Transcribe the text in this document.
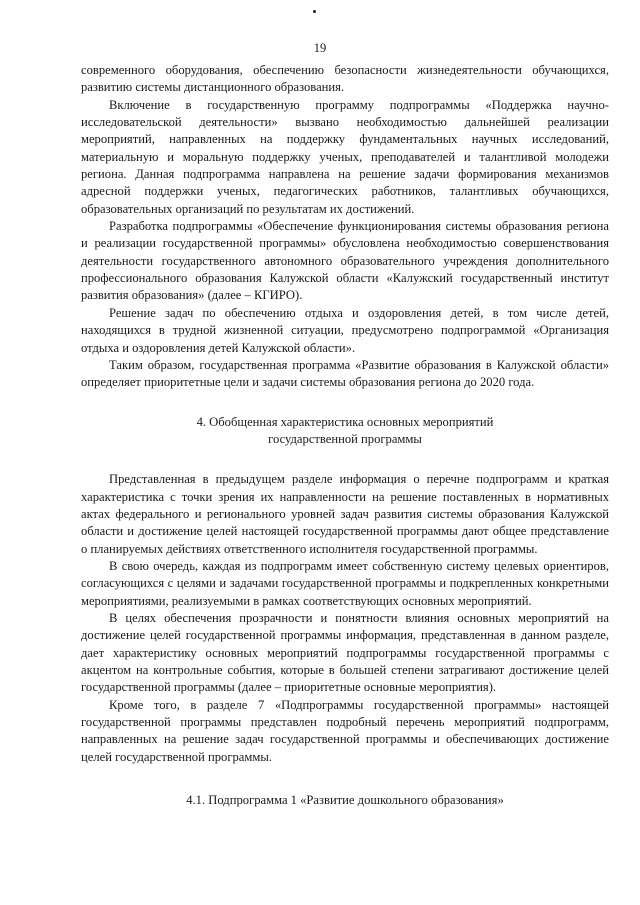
19

современного оборудования, обеспечению безопасности жизнедеятельности обучающихся, развитию системы дистанционного образования.

Включение в государственную программу подпрограммы «Поддержка научно-исследовательской деятельности» вызвано необходимостью дальнейшей реализации мероприятий, направленных на поддержку фундаментальных научных исследований, материальную и моральную поддержку ученых, преподавателей и талантливой молодежи региона. Данная подпрограмма направлена на решение задачи формирования механизмов адресной поддержки ученых, педагогических работников, талантливых обучающихся, образовательных организаций по результатам их достижений.

Разработка подпрограммы «Обеспечение функционирования системы образования региона и реализации государственной программы» обусловлена необходимостью совершенствования деятельности государственного автономного образовательного учреждения дополнительного профессионального образования Калужской области «Калужский государственный институт развития образования» (далее – КГИРО).

Решение задач по обеспечению отдыха и оздоровления детей, в том числе детей, находящихся в трудной жизненной ситуации, предусмотрено подпрограммой «Организация отдыха и оздоровления детей Калужской области».

Таким образом, государственная программа «Развитие образования в Калужской области» определяет приоритетные цели и задачи системы образования региона до 2020 года.

4. Обобщенная характеристика основных мероприятий
государственной программы

Представленная в предыдущем разделе информация о перечне подпрограмм и краткая характеристика с точки зрения их направленности на решение поставленных в нормативных актах федерального и регионального уровней задач развития системы образования Калужской области и достижение целей настоящей государственной программы дают общее представление о планируемых действиях ответственного исполнителя государственной программы.

В свою очередь, каждая из подпрограмм имеет собственную систему целевых ориентиров, согласующихся с целями и задачами государственной программы и подкрепленных конкретными мероприятиями, реализуемыми в рамках соответствующих основных мероприятий.

В целях обеспечения прозрачности и понятности влияния основных мероприятий на достижение целей государственной программы информация, представленная в данном разделе, дает характеристику основных мероприятий подпрограммы государственной программы с акцентом на контрольные события, которые в большей степени затрагивают достижение целей государственной программы (далее – приоритетные основные мероприятия).

Кроме того, в разделе 7 «Подпрограммы государственной программы» настоящей государственной программы представлен подробный перечень мероприятий подпрограмм, направленных на решение задач государственной программы и обеспечивающих достижение целей государственной программы.

4.1. Подпрограмма 1 «Развитие дошкольного образования»
